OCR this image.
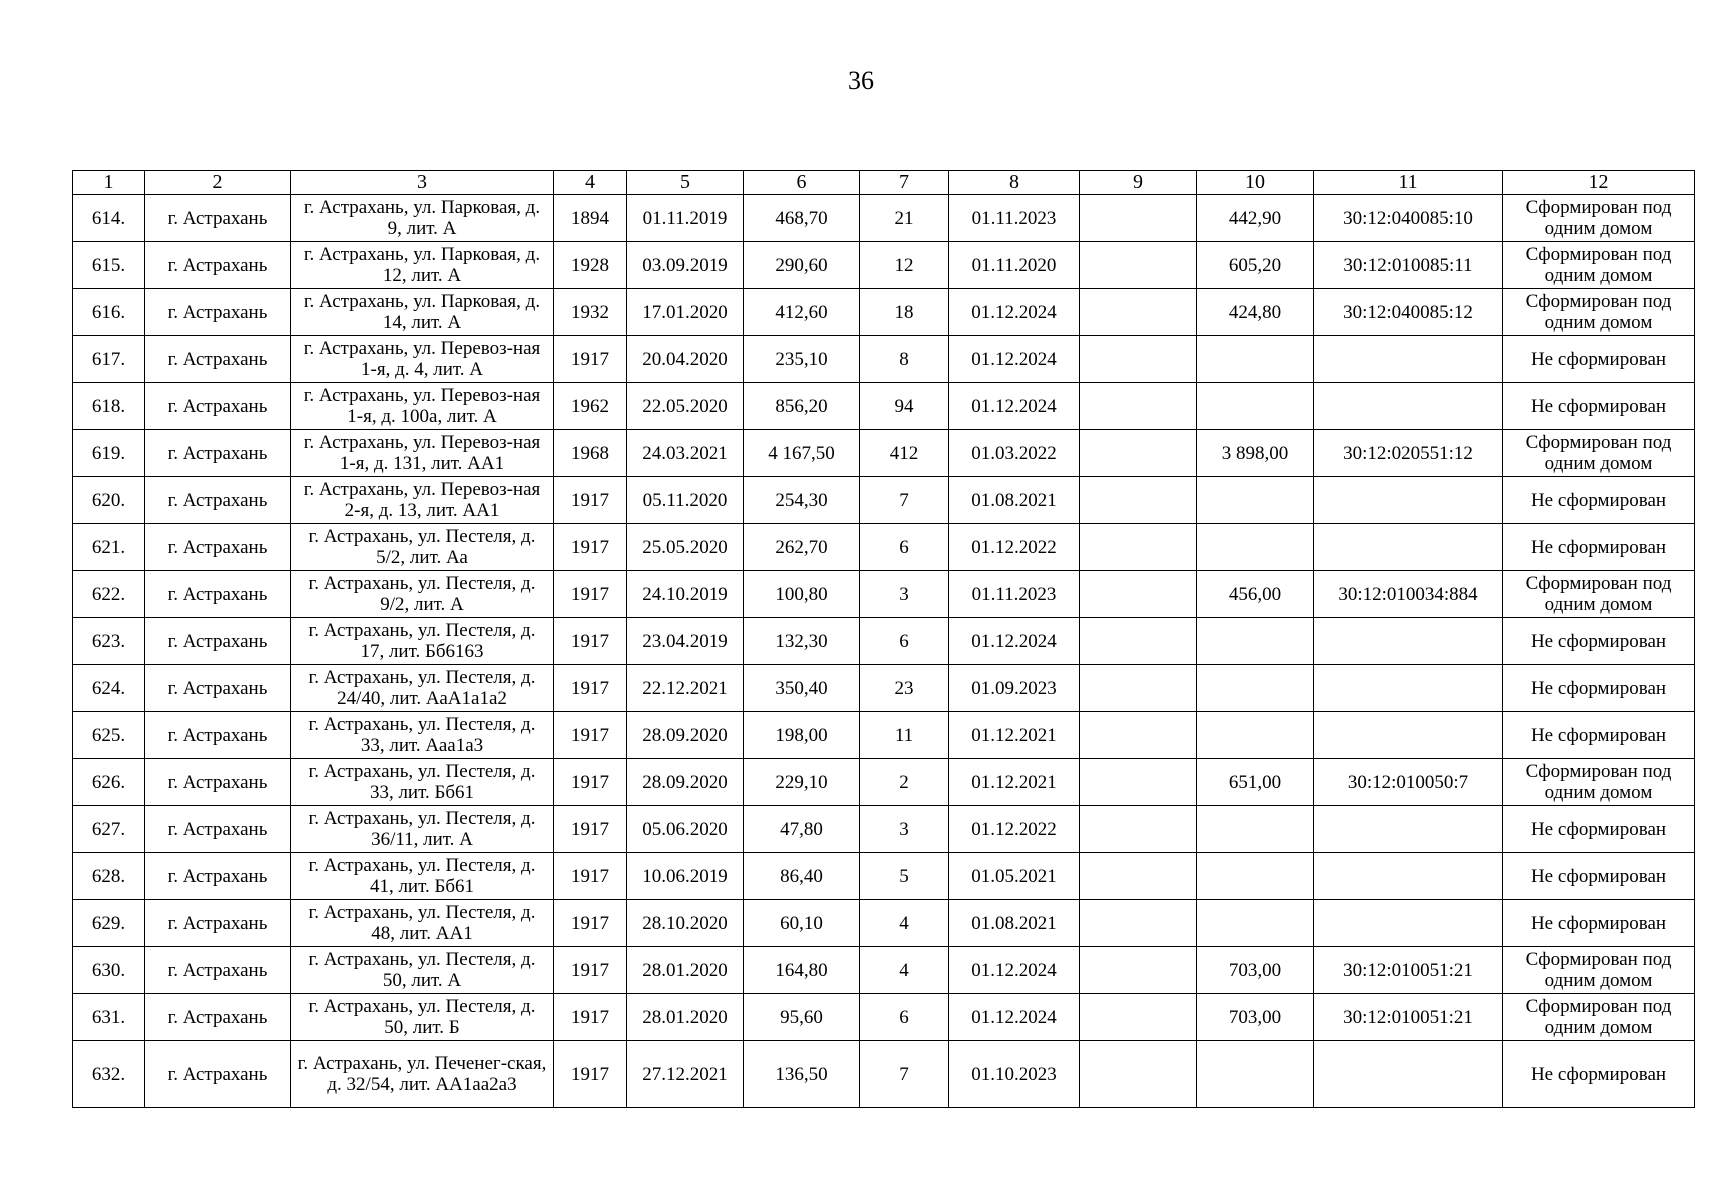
36
1	2	3	4	5	6	7	8	9	10	11	12
614.	г. Астрахань	г. Астрахань, ул. Парковая, д. 9, лит. А	1894	01.11.2019	468,70	21	01.11.2023		442,90	30:12:040085:10	Сформирован под одним домом
615.	г. Астрахань	г. Астрахань, ул. Парковая, д. 12, лит. А	1928	03.09.2019	290,60	12	01.11.2020		605,20	30:12:010085:11	Сформирован под одним домом
616.	г. Астрахань	г. Астрахань, ул. Парковая, д. 14, лит. А	1932	17.01.2020	412,60	18	01.12.2024		424,80	30:12:040085:12	Сформирован под одним домом
617.	г. Астрахань	г. Астрахань, ул. Перевоз-ная 1-я, д. 4, лит. А	1917	20.04.2020	235,10	8	01.12.2024				Не сформирован
618.	г. Астрахань	г. Астрахань, ул. Перевоз-ная 1-я, д. 100а, лит. А	1962	22.05.2020	856,20	94	01.12.2024				Не сформирован
619.	г. Астрахань	г. Астрахань, ул. Перевоз-ная 1-я, д. 131, лит. АА1	1968	24.03.2021	4 167,50	412	01.03.2022		3 898,00	30:12:020551:12	Сформирован под одним домом
620.	г. Астрахань	г. Астрахань, ул. Перевоз-ная 2-я, д. 13, лит. АА1	1917	05.11.2020	254,30	7	01.08.2021				Не сформирован
621.	г. Астрахань	г. Астрахань, ул. Пестеля, д. 5/2, лит. Аа	1917	25.05.2020	262,70	6	01.12.2022				Не сформирован
622.	г. Астрахань	г. Астрахань, ул. Пестеля, д. 9/2, лит. А	1917	24.10.2019	100,80	3	01.11.2023		456,00	30:12:010034:884	Сформирован под одним домом
623.	г. Астрахань	г. Астрахань, ул. Пестеля, д. 17, лит. Бб6163	1917	23.04.2019	132,30	6	01.12.2024				Не сформирован
624.	г. Астрахань	г. Астрахань, ул. Пестеля, д. 24/40, лит. АаА1а1а2	1917	22.12.2021	350,40	23	01.09.2023				Не сформирован
625.	г. Астрахань	г. Астрахань, ул. Пестеля, д. 33, лит. Ааа1а3	1917	28.09.2020	198,00	11	01.12.2021				Не сформирован
626.	г. Астрахань	г. Астрахань, ул. Пестеля, д. 33, лит. Бб61	1917	28.09.2020	229,10	2	01.12.2021		651,00	30:12:010050:7	Сформирован под одним домом
627.	г. Астрахань	г. Астрахань, ул. Пестеля, д. 36/11, лит. А	1917	05.06.2020	47,80	3	01.12.2022				Не сформирован
628.	г. Астрахань	г. Астрахань, ул. Пестеля, д. 41, лит. Бб61	1917	10.06.2019	86,40	5	01.05.2021				Не сформирован
629.	г. Астрахань	г. Астрахань, ул. Пестеля, д. 48, лит. АА1	1917	28.10.2020	60,10	4	01.08.2021				Не сформирован
630.	г. Астрахань	г. Астрахань, ул. Пестеля, д. 50, лит. А	1917	28.01.2020	164,80	4	01.12.2024		703,00	30:12:010051:21	Сформирован под одним домом
631.	г. Астрахань	г. Астрахань, ул. Пестеля, д. 50, лит. Б	1917	28.01.2020	95,60	6	01.12.2024		703,00	30:12:010051:21	Сформирован под одним домом
632.	г. Астрахань	г. Астрахань, ул. Печенег-ская, д. 32/54, лит. АА1аа2а3	1917	27.12.2021	136,50	7	01.10.2023				Не сформирован
